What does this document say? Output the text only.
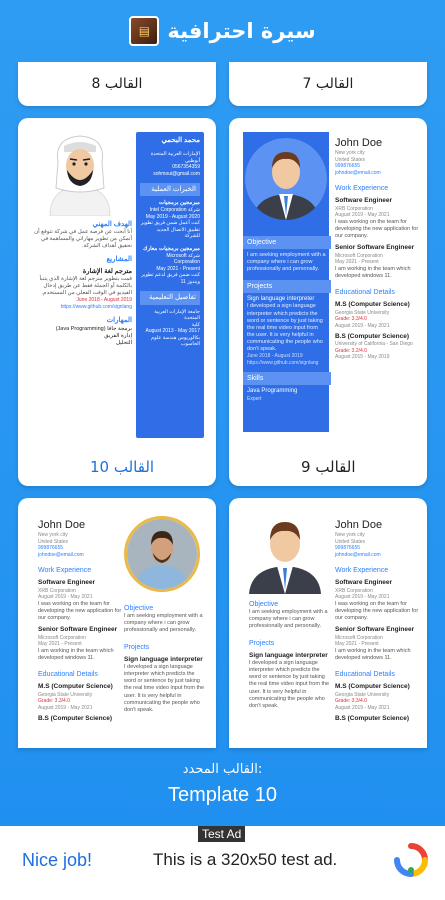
▤ سيرة احترافية
القالب 8	القالب 7
محمد البحمي
الإمارات العربية المتحدة
أبوظبي
0567354359
sohmoui@gmail.com
الخبرات العملية
مبرمجين برمجيات
شركة Intel Corporation
May 2019 - August 2020
كنت أعمل ضمن فريق تطوير تطبيق الاتصال الجديد للشركة
مبرمجين برمجيات معارك
شركة Microsoft Corporation
May 2021 - Present
كنت ضمن فريق لدعم تطوير ويندوز 11
تفاصيل التعليمية
جامعة الإمارات العربية المتحدة
كلية
August 2013 - May 2017
بكالوريوس هندسة علوم الحاسوب
الهدف المهني

أنا أبحث عن فرصة عمل في شركة تتوقع أن أتمكن من تطوير مهاراتي والمساهمة في تحقيق أهداف الشركة.

المشاريع
مترجم لغة الإشارة

قمت بتطوير مترجم لغة الإشارة الذي يتنبأ بالكلمة أو الجملة فقط عن طريق إدخال الفيديو في الوقت الفعلي من المستخدم.

June 2018 - August 2019
https://www.github.com/signlang
المهارات
برمجة جافا (Java Programming)
إدارة الفريق
التحليل
القالب 10
Objective

I am seeking employment with a company where i can grow professionally and personally.

Projects
Sign language interpreter

I developed a sign language interpreter which predicts the word or sentence by just taking the real time video input from the user. It is very helpful in communicating the people who don't speak.

June 2018 - August 2019
https://www.github.com/signlang
Skills
Java Programming
Expert
John Doe
New york city
United States
999876655
johndoe@email.com
Work Experience
Software Engineer
XRB Corporation
August 2019 - May 2021

I was working on the team for developing the new application for our company.

Senior Software Engineer
Microsoft Corporation
May 2021 - Present

I am working in the team which developed windows 11.

Educational Details
M.S (Computer Science)
Georgia State University
Grade: 3.3/4.0
August 2019 - May 2021
B.S (Computer Science)
University of California - San Diego
Grade: 3.2/4.0
August 2015 - May 2019
القالب 9
John Doe
New york city
United States
999876655
johndoe@email.com
Work Experience
Software Engineer
XRB Corporation
August 2019 - May 2021

I was working on the team for developing the new application for our company.

Senior Software Engineer
Microsoft Corporation
May 2021 - Present

I am working in the team which developed windows 11.

Educational Details
M.S (Computer Science)
Georgia State University
Grade: 3.3/4.0
August 2019 - May 2021
B.S (Computer Science)
Objective

I am seeking employment with a company where i can grow professionally and personally.

Projects
Sign language interpreter

I developed a sign language interpreter which predicts the word or sentence by just taking the real time video input from the user. It is very helpful in communicating the people who don't speak.

Objective

I am seeking employment with a company where i can grow professionally and personally.

Projects
Sign language interpreter

I developed a sign language interpreter which predicts the word or sentence by just taking the real time video input from the user. It is very helpful in communicating the people who don't speak.

John Doe
New york city
United States
999876655
johndoe@email.com
Work Experience
Software Engineer
XRB Corporation
August 2019 - May 2021

I was working on the team for developing the new application for our company.

Senior Software Engineer
Microsoft Corporation
May 2021 - Present

I am working in the team which developed windows 11.

Educational Details
M.S (Computer Science)
Georgia State University
Grade: 3.3/4.0
August 2019 - May 2021
B.S (Computer Science)
القالب المحدد:
Template 10
Test Ad
Nice job!	This is a 320x50 test ad.
